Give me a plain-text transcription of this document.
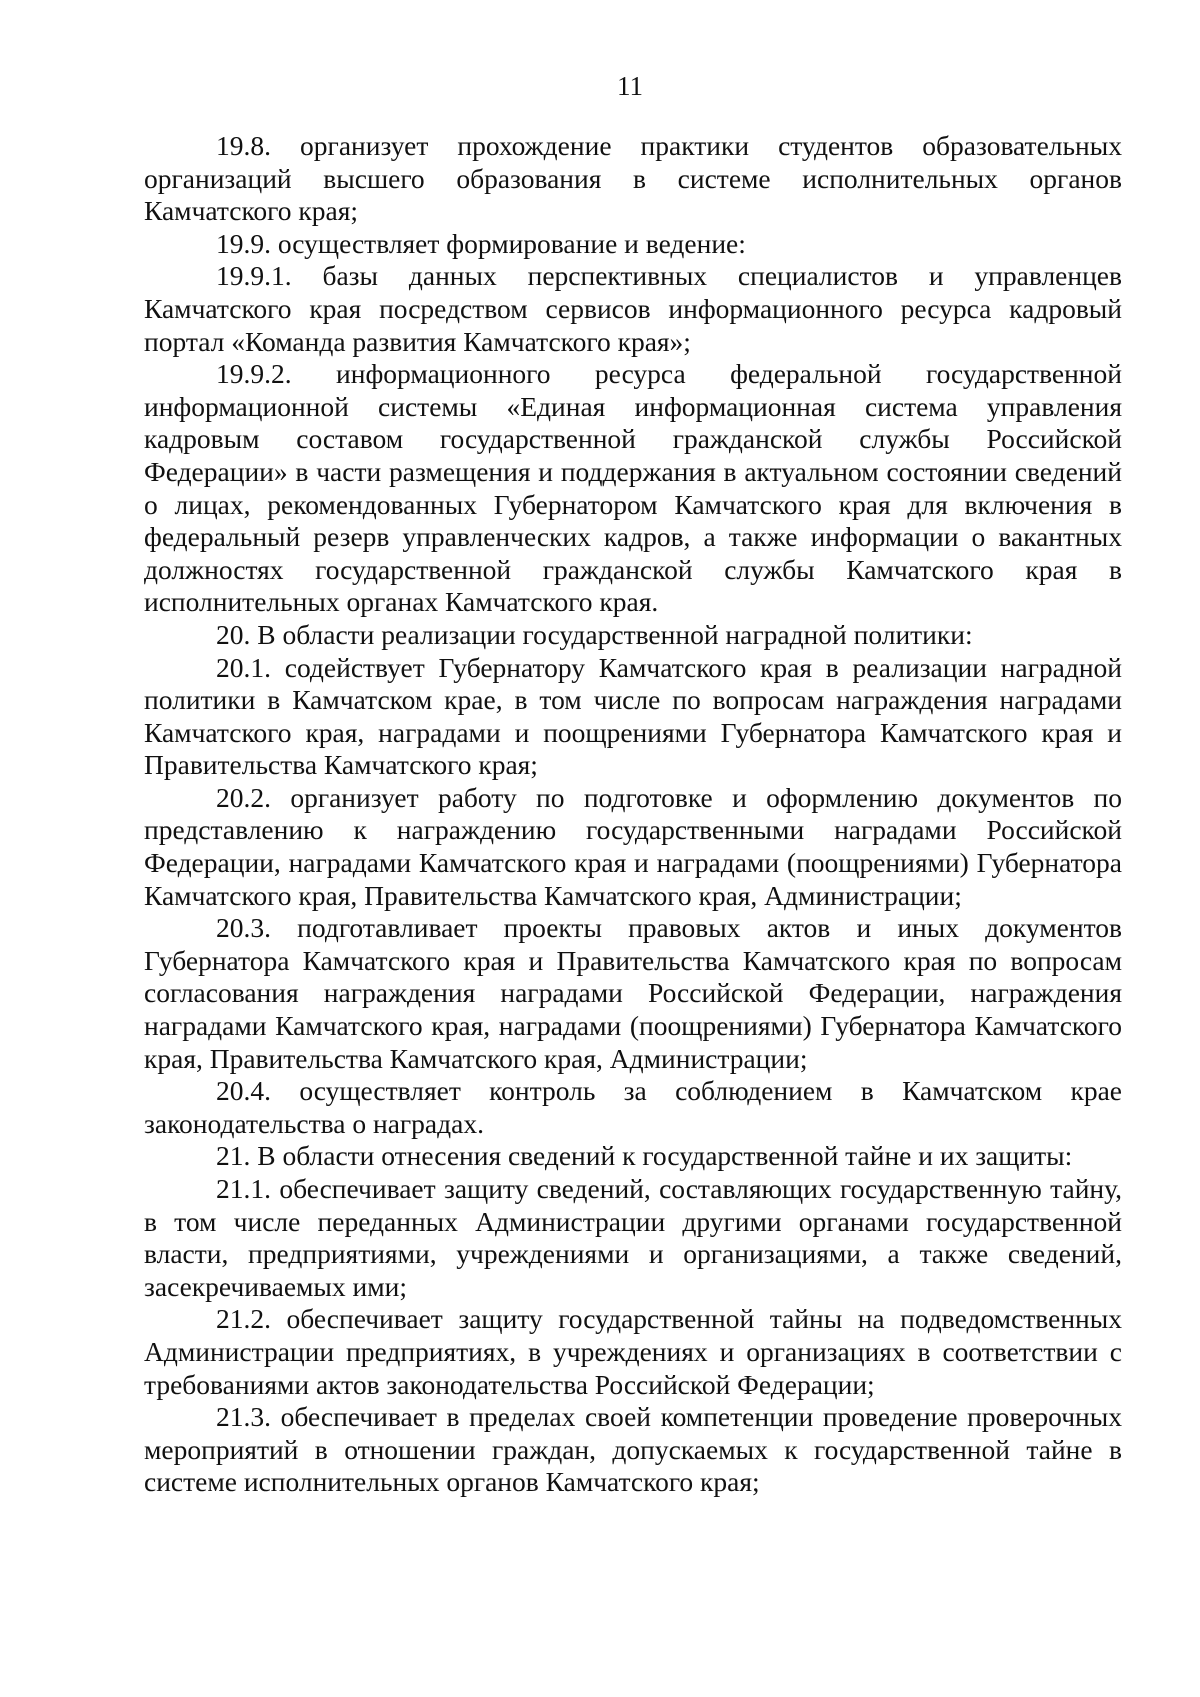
11

19.8. организует прохождение практики студентов образовательных организаций высшего образования в системе исполнительных органов Камчатского края;

19.9. осуществляет формирование и ведение:

19.9.1. базы данных перспективных специалистов и управленцев Камчатского края посредством сервисов информационного ресурса кадровый портал «Команда развития Камчатского края»;

19.9.2. информационного ресурса федеральной государственной информационной системы «Единая информационная система управления кадровым составом государственной гражданской службы Российской Федерации» в части размещения и поддержания в актуальном состоянии сведений о лицах, рекомендованных Губернатором Камчатского края для включения в федеральный резерв управленческих кадров, а также информации о вакантных должностях государственной гражданской службы Камчатского края в исполнительных органах Камчатского края.

20. В области реализации государственной наградной политики:

20.1. содействует Губернатору Камчатского края в реализации наградной политики в Камчатском крае, в том числе по вопросам награждения наградами Камчатского края, наградами и поощрениями Губернатора Камчатского края и Правительства Камчатского края;

20.2. организует работу по подготовке и оформлению документов по представлению к награждению государственными наградами Российской Федерации, наградами Камчатского края и наградами (поощрениями) Губернатора Камчатского края, Правительства Камчатского края, Администрации;

20.3. подготавливает проекты правовых актов и иных документов Губернатора Камчатского края и Правительства Камчатского края по вопросам согласования награждения наградами Российской Федерации, награждения наградами Камчатского края, наградами (поощрениями) Губернатора Камчатского края, Правительства Камчатского края, Администрации;

20.4. осуществляет контроль за соблюдением в Камчатском крае законодательства о наградах.

21. В области отнесения сведений к государственной тайне и их защиты:

21.1. обеспечивает защиту сведений, составляющих государственную тайну, в том числе переданных Администрации другими органами государственной власти, предприятиями, учреждениями и организациями, а также сведений, засекречиваемых ими;

21.2. обеспечивает защиту государственной тайны на подведомственных Администрации предприятиях, в учреждениях и организациях в соответствии с требованиями актов законодательства Российской Федерации;

21.3. обеспечивает в пределах своей компетенции проведение проверочных мероприятий в отношении граждан, допускаемых к государственной тайне в системе исполнительных органов Камчатского края;
